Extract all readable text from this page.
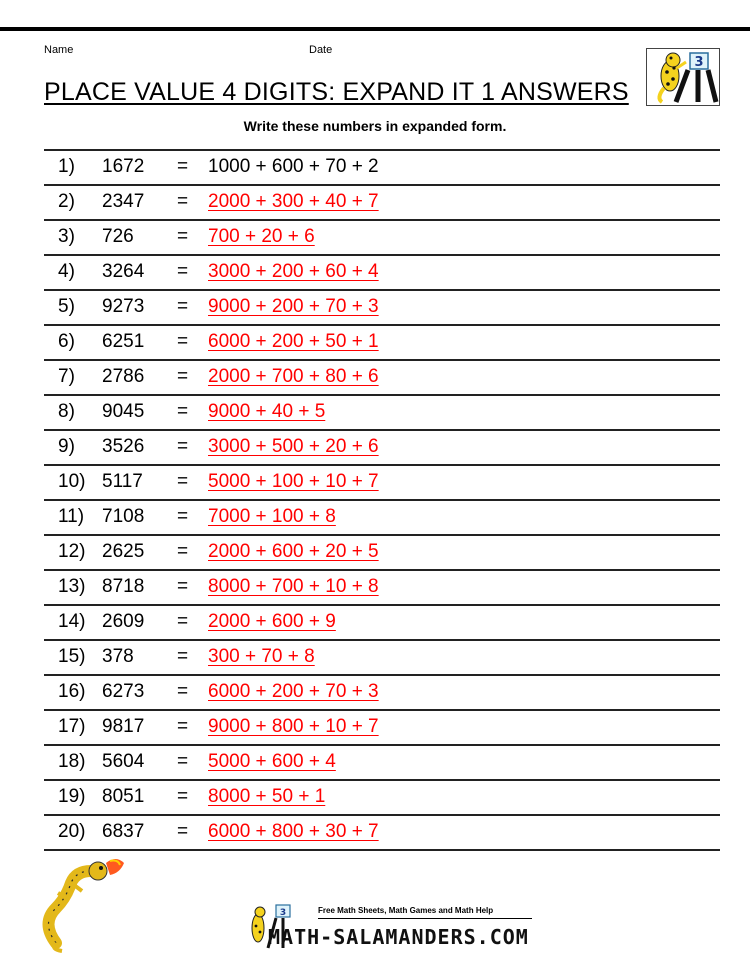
Name	Date
PLACE VALUE 4 DIGITS: EXPAND IT 1 ANSWERS
Write these numbers in expanded form.
3
1) 1672 = 1000 + 600 + 70 + 2
2) 2347 = 2000 + 300 + 40 + 7
3) 726 = 700 + 20 + 6
4) 3264 = 3000 + 200 + 60 + 4
5) 9273 = 9000 + 200 + 70 + 3
6) 6251 = 6000 + 200 + 50 + 1
7) 2786 = 2000 + 700 + 80 + 6
8) 9045 = 9000 + 40 + 5
9) 3526 = 3000 + 500 + 20 + 6
10) 5117 = 5000 + 100 + 10 + 7
11) 7108 = 7000 + 100 + 8
12) 2625 = 2000 + 600 + 20 + 5
13) 8718 = 8000 + 700 + 10 + 8
14) 2609 = 2000 + 600 + 9
15) 378 = 300 + 70 + 8
16) 6273 = 6000 + 200 + 70 + 3
17) 9817 = 9000 + 800 + 10 + 7
18) 5604 = 5000 + 600 + 4
19) 8051 = 8000 + 50 + 1
20) 6837 = 6000 + 800 + 30 + 7
3	Free Math Sheets, Math Games and Math Help
MATH-SALAMANDERS.COM
